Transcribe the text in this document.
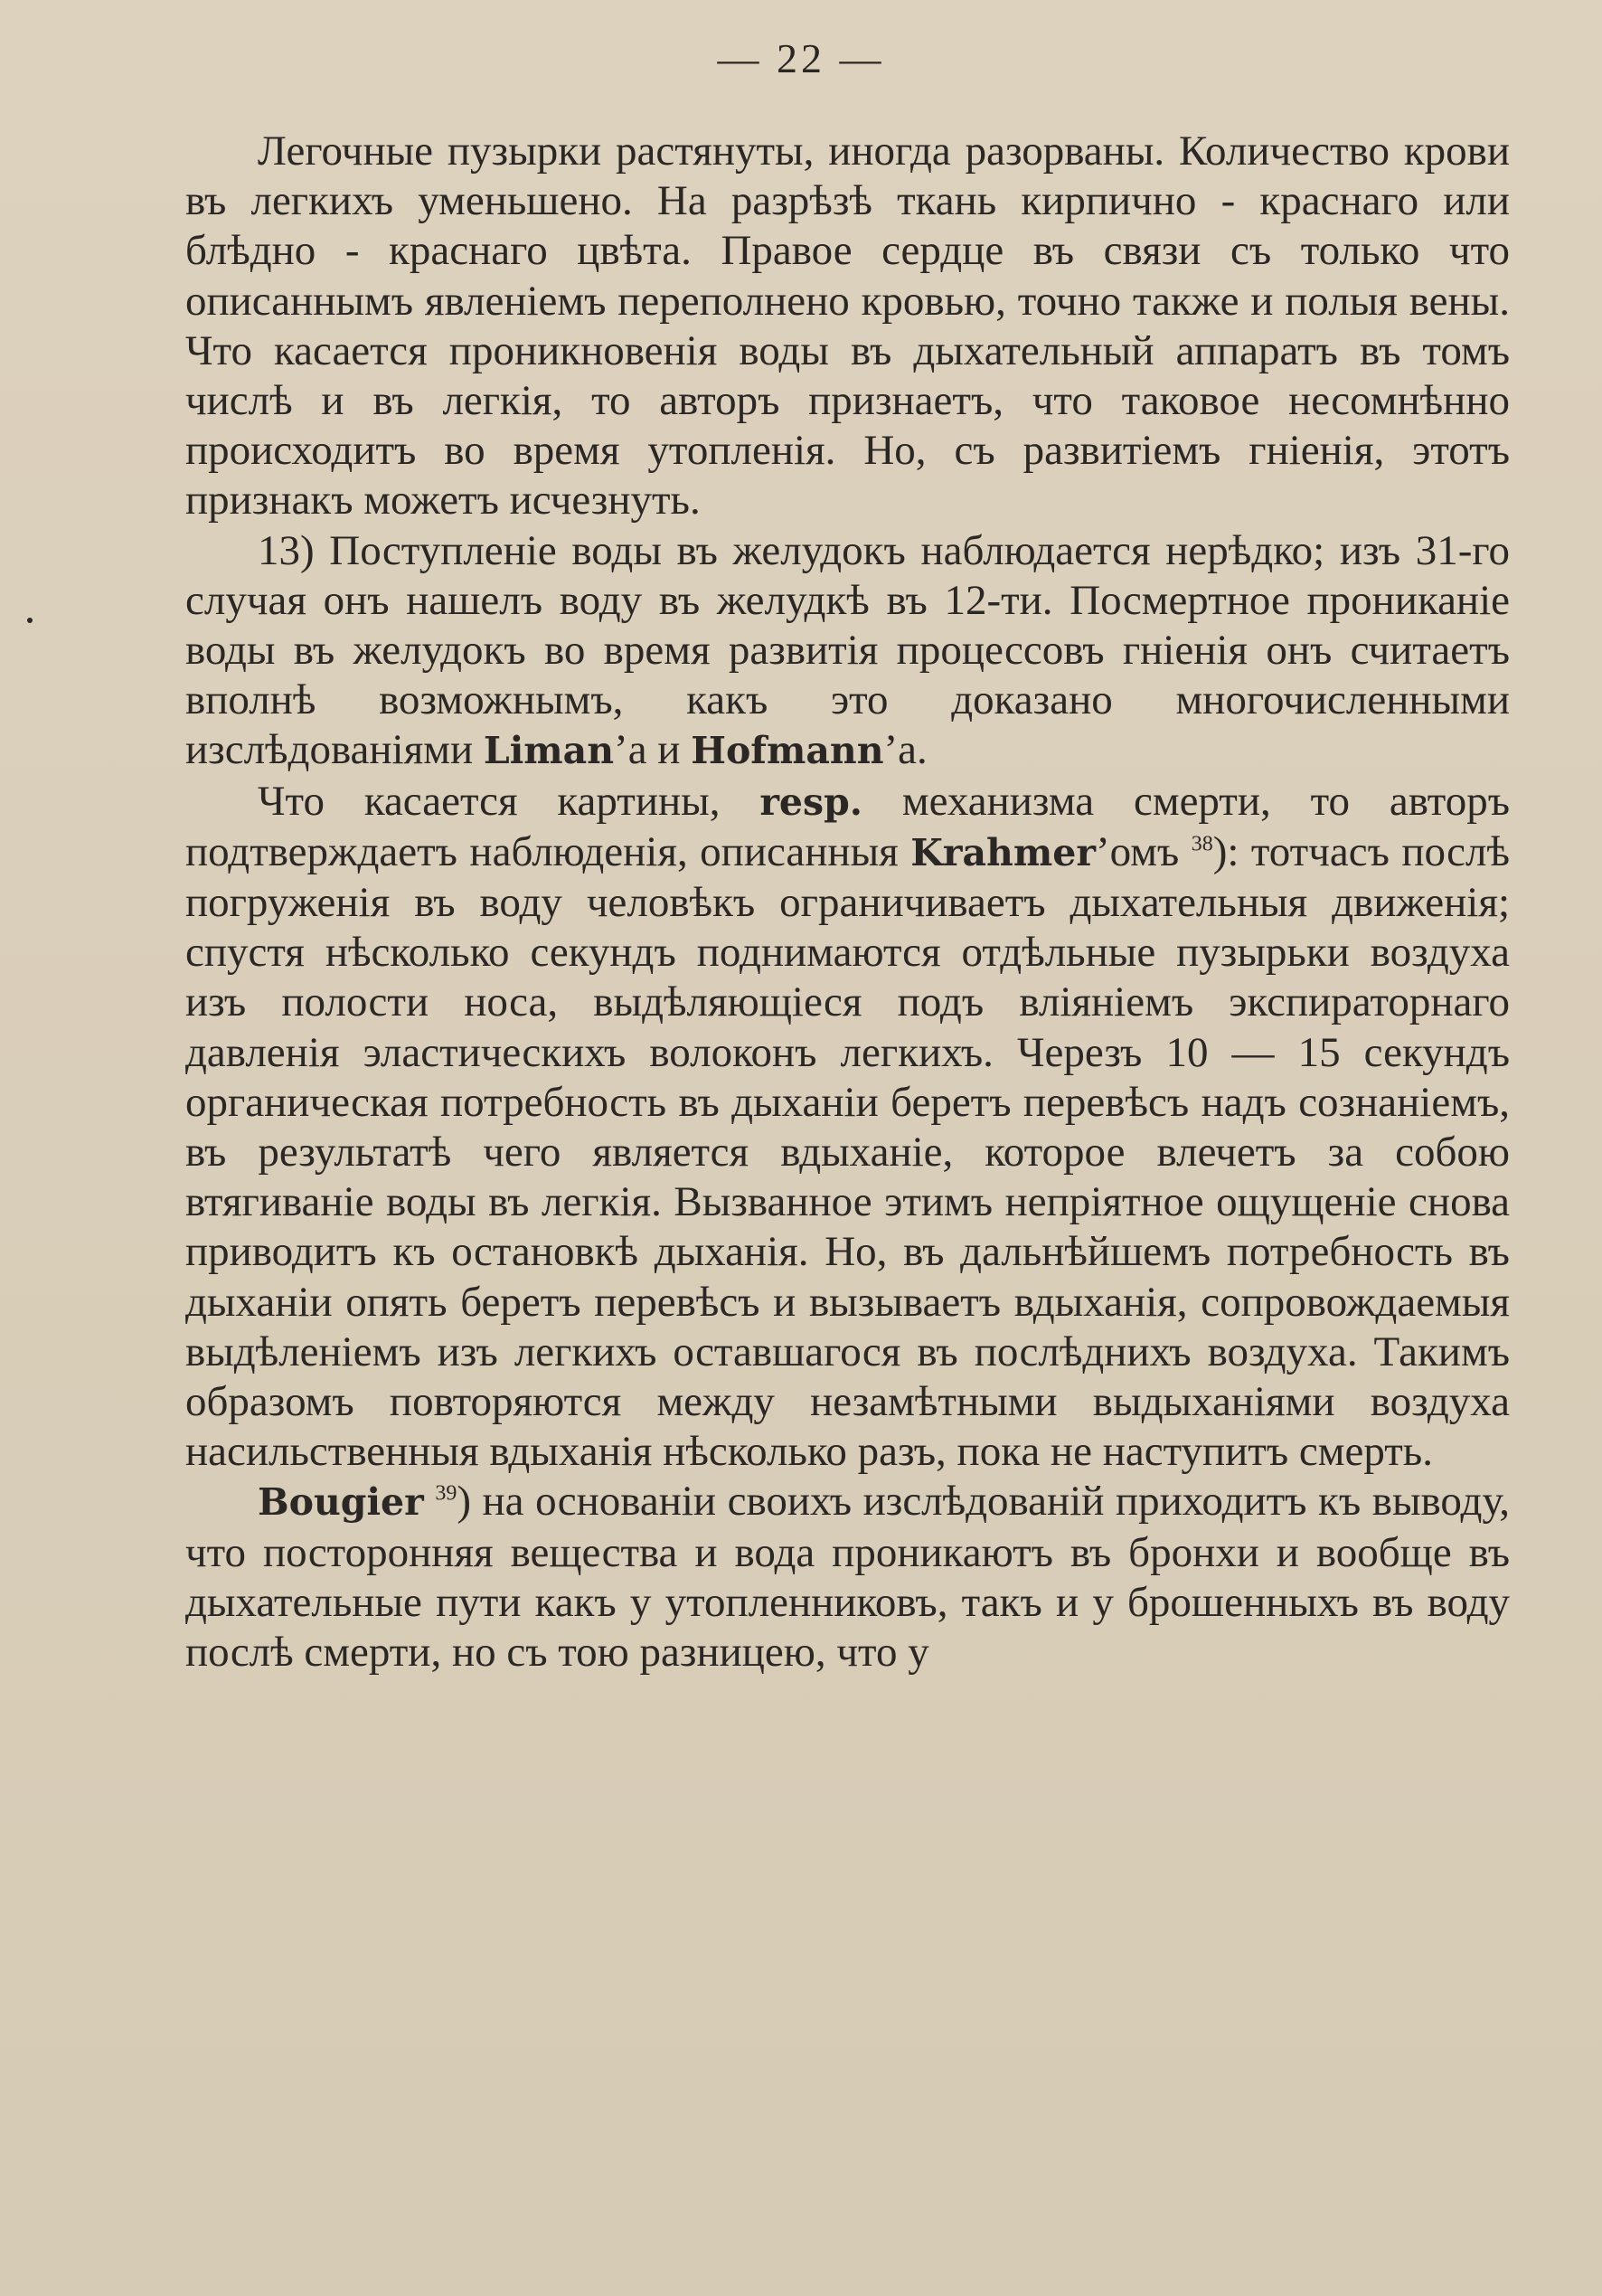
— 22 —

Легочные пузырки растянуты, иногда разорваны. Количество крови въ легкихъ уменьшено. На разрѣзѣ ткань кирпично - краснаго или блѣдно - краснаго цвѣта. Правое сердце въ связи съ только что описаннымъ явленіемъ переполнено кровью, точно также и полыя вены. Что касается проникновенія воды въ дыхательный аппаратъ въ томъ числѣ и въ легкія, то авторъ признаетъ, что таковое несомнѣнно происходитъ во время утопленія. Но, съ развитіемъ гніенія, этотъ признакъ можетъ исчезнуть.

13) Поступленіе воды въ желудокъ наблюдается нерѣдко; изъ 31-го случая онъ нашелъ воду въ желудкѣ въ 12-ти. Посмертное прониканіе воды въ желудокъ во время развитія процессовъ гніенія онъ считаетъ вполнѣ возможнымъ, какъ это доказано многочисленными изслѣдованіями Liman’а и Hofmann’а.

Что касается картины, resp. механизма смерти, то авторъ подтверждаетъ наблюденія, описанныя Krahmer’омъ $^{38}$): тотчасъ послѣ погруженія въ воду человѣкъ ограничиваетъ дыхательныя движенія; спустя нѣсколько секундъ поднимаются отдѣльные пузырьки воздуха изъ полости носа, выдѣляющіеся подъ вліяніемъ экспираторнаго давленія эластическихъ волоконъ легкихъ. Черезъ 10 — 15 секундъ органическая потребность въ дыханіи беретъ перевѣсъ надъ сознаніемъ, въ результатѣ чего является вдыханіе, которое влечетъ за собою втягиваніе воды въ легкія. Вызванное этимъ непріятное ощущеніе снова приводитъ къ остановкѣ дыханія. Но, въ дальнѣйшемъ потребность въ дыханіи опять беретъ перевѣсъ и вызываетъ вдыханія, сопровождаемыя выдѣленіемъ изъ легкихъ оставшагося въ послѣднихъ воздуха. Такимъ образомъ повторяются между незамѣтными выдыханіями воздуха насильственныя вдыханія нѣсколько разъ, пока не наступитъ смерть.

Bougier $^{39}$) на основаніи своихъ изслѣдованій приходитъ къ выводу, что посторонняя вещества и вода проникаютъ въ бронхи и вообще въ дыхательные пути какъ у утопленниковъ, такъ и у брошенныхъ въ воду послѣ смерти, но съ тою разницею, что у
